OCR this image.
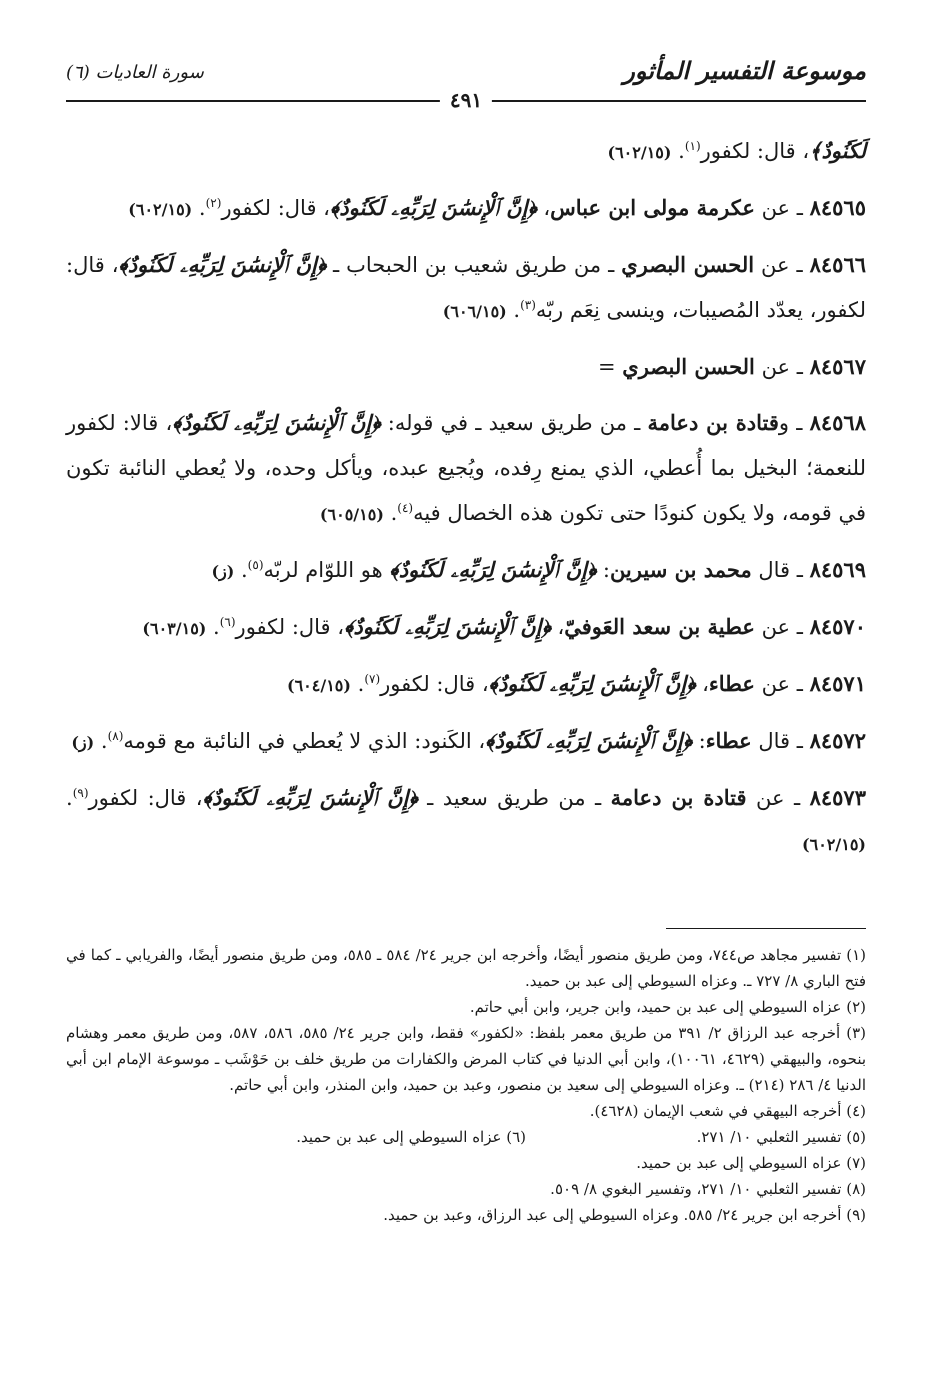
موسوعة التفسير المأثور
سورة العاديات (٦)
٤٩١

لَكَنُودٌ﴾، قال: لكفور$^{(١)}$. (٦٠٢/١٥)

٨٤٥٦٥ ـ عن عكرمة مولى ابن عباس، ﴿إِنَّ ٱلْإِنسَٰنَ لِرَبِّهِۦ لَكَنُودٌ﴾، قال: لكفور$^{(٢)}$. (٦٠٢/١٥)

٨٤٥٦٦ ـ عن الحسن البصري ـ من طريق شعيب بن الحبحاب ـ ﴿إِنَّ ٱلْإِنسَٰنَ لِرَبِّهِۦ لَكَنُودٌ﴾، قال: لكفور، يعدّد المُصيبات، وينسى نِعَم ربّه$^{(٣)}$. (٦٠٦/١٥)

٨٤٥٦٧ ـ عن الحسن البصري =

٨٤٥٦٨ ـ وقتادة بن دعامة ـ من طريق سعيد ـ في قوله: ﴿إِنَّ ٱلْإِنسَٰنَ لِرَبِّهِۦ لَكَنُودٌ﴾، قالا: لكفور للنعمة؛ البخيل بما أُعطي، الذي يمنع رِفده، ويُجيع عبده، ويأكل وحده، ولا يُعطي النائبة تكون في قومه، ولا يكون كنودًا حتى تكون هذه الخصال فيه$^{(٤)}$. (٦٠٥/١٥)

٨٤٥٦٩ ـ قال محمد بن سيرين: ﴿إِنَّ ٱلْإِنسَٰنَ لِرَبِّهِۦ لَكَنُودٌ﴾ هو اللوّام لربّه$^{(٥)}$. (ز)

٨٤٥٧٠ ـ عن عطية بن سعد العَوفيّ، ﴿إِنَّ ٱلْإِنسَٰنَ لِرَبِّهِۦ لَكَنُودٌ﴾، قال: لكفور$^{(٦)}$. (٦٠٣/١٥)

٨٤٥٧١ ـ عن عطاء، ﴿إِنَّ ٱلْإِنسَٰنَ لِرَبِّهِۦ لَكَنُودٌ﴾، قال: لكفور$^{(٧)}$. (٦٠٤/١٥)

٨٤٥٧٢ ـ قال عطاء: ﴿إِنَّ ٱلْإِنسَٰنَ لِرَبِّهِۦ لَكَنُودٌ﴾، الكَنود: الذي لا يُعطي في النائبة مع قومه$^{(٨)}$. (ز)

٨٤٥٧٣ ـ عن قتادة بن دعامة ـ من طريق سعيد ـ ﴿إِنَّ ٱلْإِنسَٰنَ لِرَبِّهِۦ لَكَنُودٌ﴾، قال: لكفور$^{(٩)}$. (٦٠٢/١٥)

(١) تفسير مجاهد ص٧٤٤، ومن طريق منصور أيضًا، وأخرجه ابن جرير ٢٤/ ٥٨٤ ـ ٥٨٥، ومن طريق منصور أيضًا، والفريابي ـ كما في فتح الباري ٨/ ٧٢٧ ـ. وعزاه السيوطي إلى عبد بن حميد.

(٢) عزاه السيوطي إلى عبد بن حميد، وابن جرير، وابن أبي حاتم.

(٣) أخرجه عبد الرزاق ٢/ ٣٩١ من طريق معمر بلفظ: «لكفور» فقط، وابن جرير ٢٤/ ٥٨٥، ٥٨٦، ٥٨٧، ومن طريق معمر وهشام بنحوه، والبيهقي (٤٦٢٩، ١٠٠٦١)، وابن أبي الدنيا في كتاب المرض والكفارات من طريق خلف بن حَوْشَب ـ موسوعة الإمام ابن أبي الدنيا ٤/ ٢٨٦ (٢١٤) ـ. وعزاه السيوطي إلى سعيد بن منصور، وعبد بن حميد، وابن المنذر، وابن أبي حاتم.

(٤) أخرجه البيهقي في شعب الإيمان (٤٦٢٨).

(٥) تفسير الثعلبي ١٠/ ٢٧١.

(٦) عزاه السيوطي إلى عبد بن حميد.

(٧) عزاه السيوطي إلى عبد بن حميد.

(٨) تفسير الثعلبي ١٠/ ٢٧١، وتفسير البغوي ٨/ ٥٠٩.

(٩) أخرجه ابن جرير ٢٤/ ٥٨٥. وعزاه السيوطي إلى عبد الرزاق، وعبد بن حميد.
